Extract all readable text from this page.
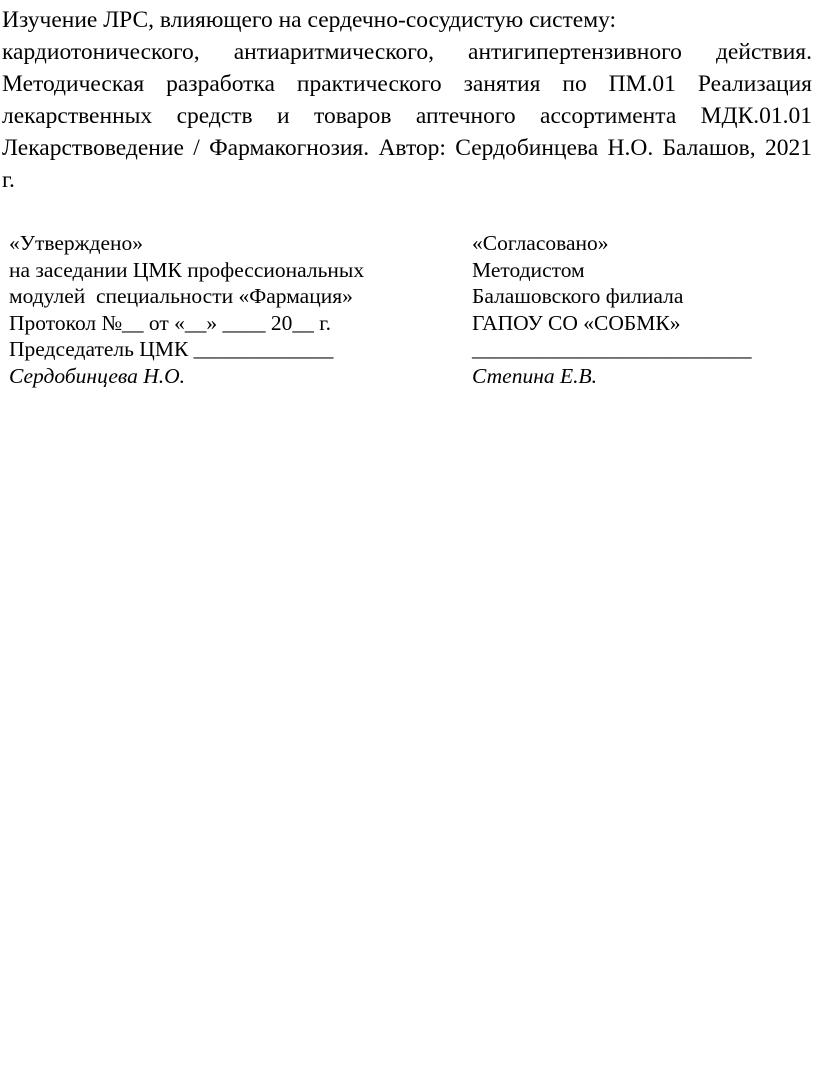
Изучение ЛРС, влияющего на сердечно-сосудистую систему:
кардиотонического, антиаритмического, антигипертензивного действия.
Методическая разработка практического занятия по ПМ.01 Реализация
лекарственных средств и товаров аптечного ассортимента МДК.01.01
Лекарствоведение / Фармакогнозия. Автор: Сердобинцева Н.О. Балашов, 2021
г.
«Утверждено»
на заседании ЦМК профессиональных
модулей  специальности «Фармация»
Протокол №__ от «__» ____ 20__ г.
Председатель ЦМК _____________
Сердобинцева Н.О.
«Согласовано»
Методистом
Балашовского филиала
ГАПОУ СО «СОБМК»
__________________________
Степина Е.В.
